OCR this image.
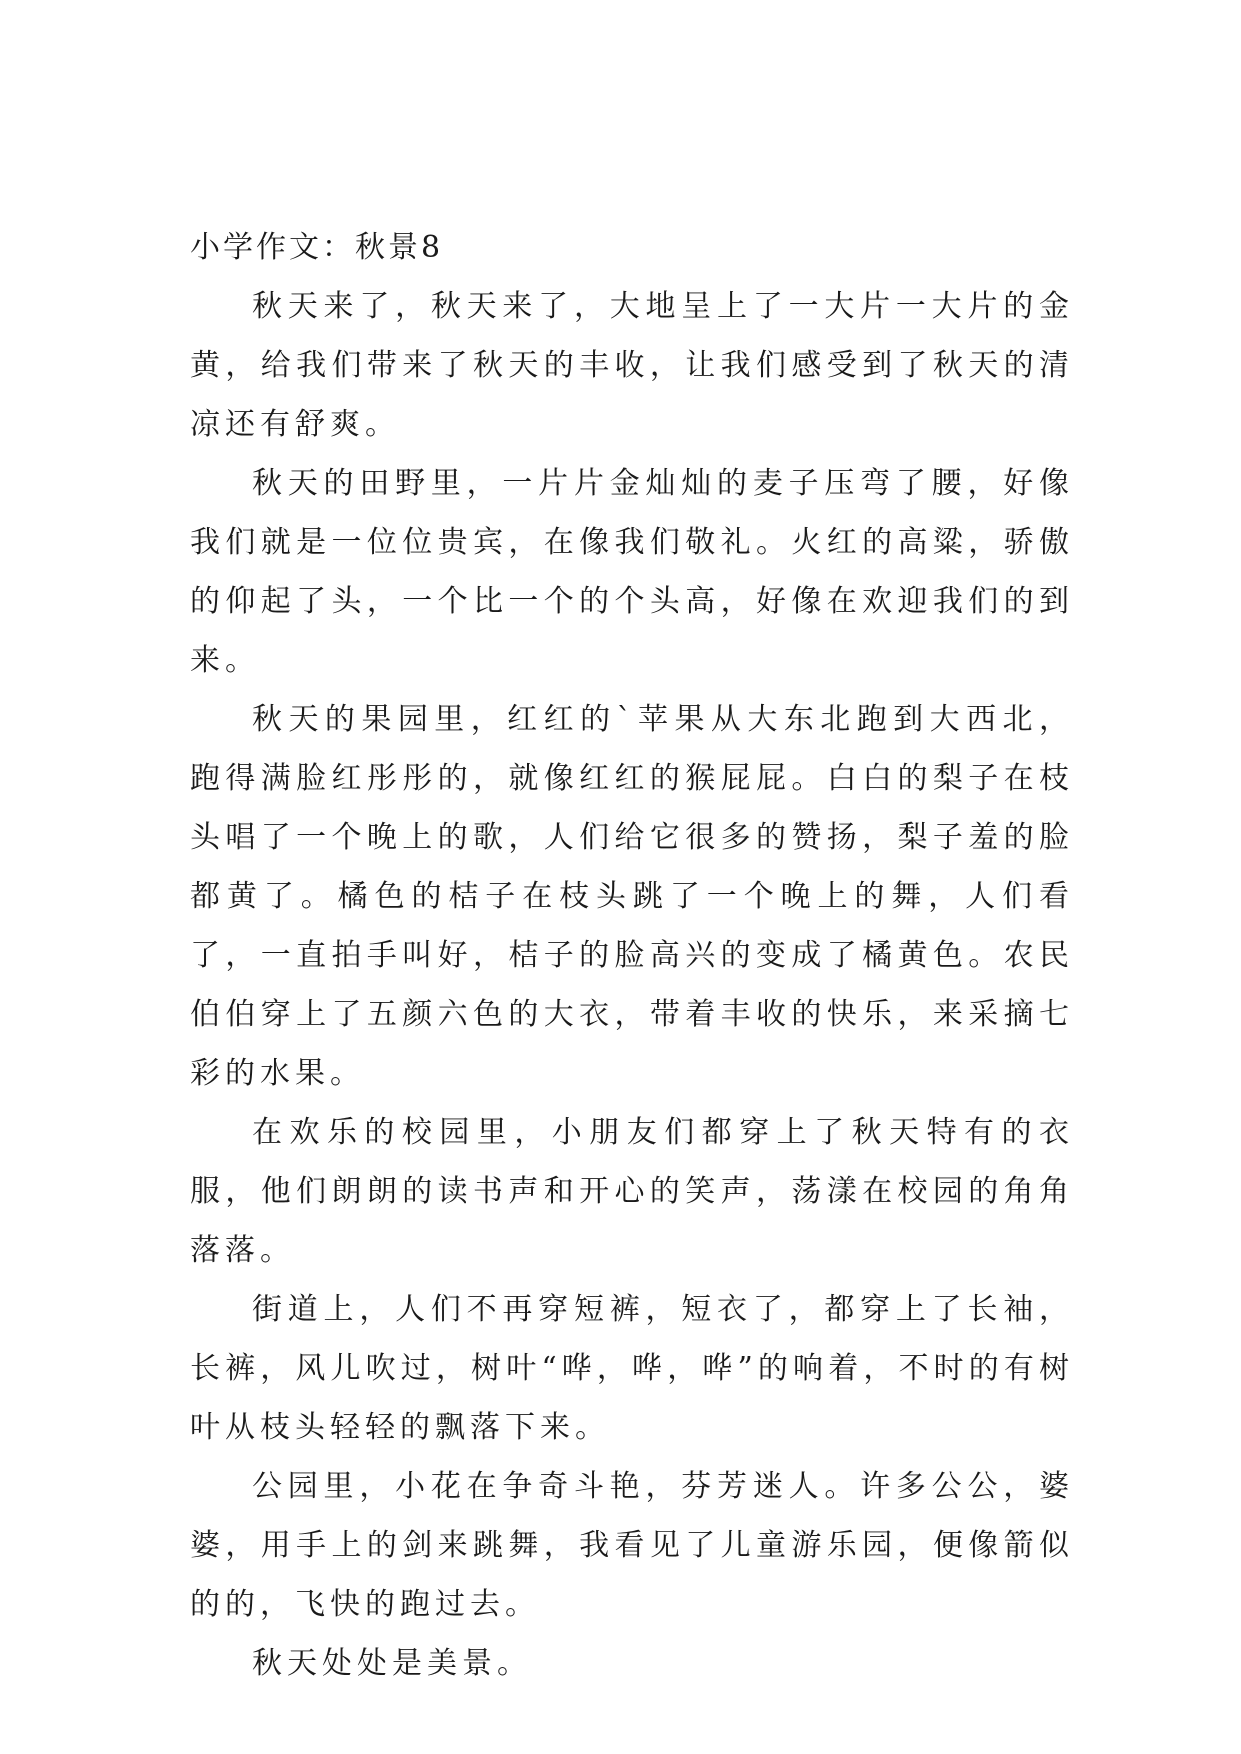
小学作文：秋景8

秋天来了，秋天来了，大地呈上了一大片一大片的金黄，给我们带来了秋天的丰收，让我们感受到了秋天的清凉还有舒爽。

秋天的田野里，一片片金灿灿的麦子压弯了腰，好像我们就是一位位贵宾，在像我们敬礼。火红的高粱，骄傲的仰起了头，一个比一个的个头高，好像在欢迎我们的到来。

秋天的果园里，红红的`苹果从大东北跑到大西北，跑得满脸红彤彤的，就像红红的猴屁屁。白白的梨子在枝头唱了一个晚上的歌，人们给它很多的赞扬，梨子羞的脸都黄了。橘色的桔子在枝头跳了一个晚上的舞，人们看了，一直拍手叫好，桔子的脸高兴的变成了橘黄色。农民伯伯穿上了五颜六色的大衣，带着丰收的快乐，来采摘七彩的水果。

在欢乐的校园里，小朋友们都穿上了秋天特有的衣服，他们朗朗的读书声和开心的笑声，荡漾在校园的角角落落。

街道上，人们不再穿短裤，短衣了，都穿上了长袖，长裤，风儿吹过，树叶“哗，哗，哗”的响着，不时的有树叶从枝头轻轻的飘落下来。

公园里，小花在争奇斗艳，芬芳迷人。许多公公，婆婆，用手上的剑来跳舞，我看见了儿童游乐园，便像箭似的的，飞快的跑过去。

秋天处处是美景。
